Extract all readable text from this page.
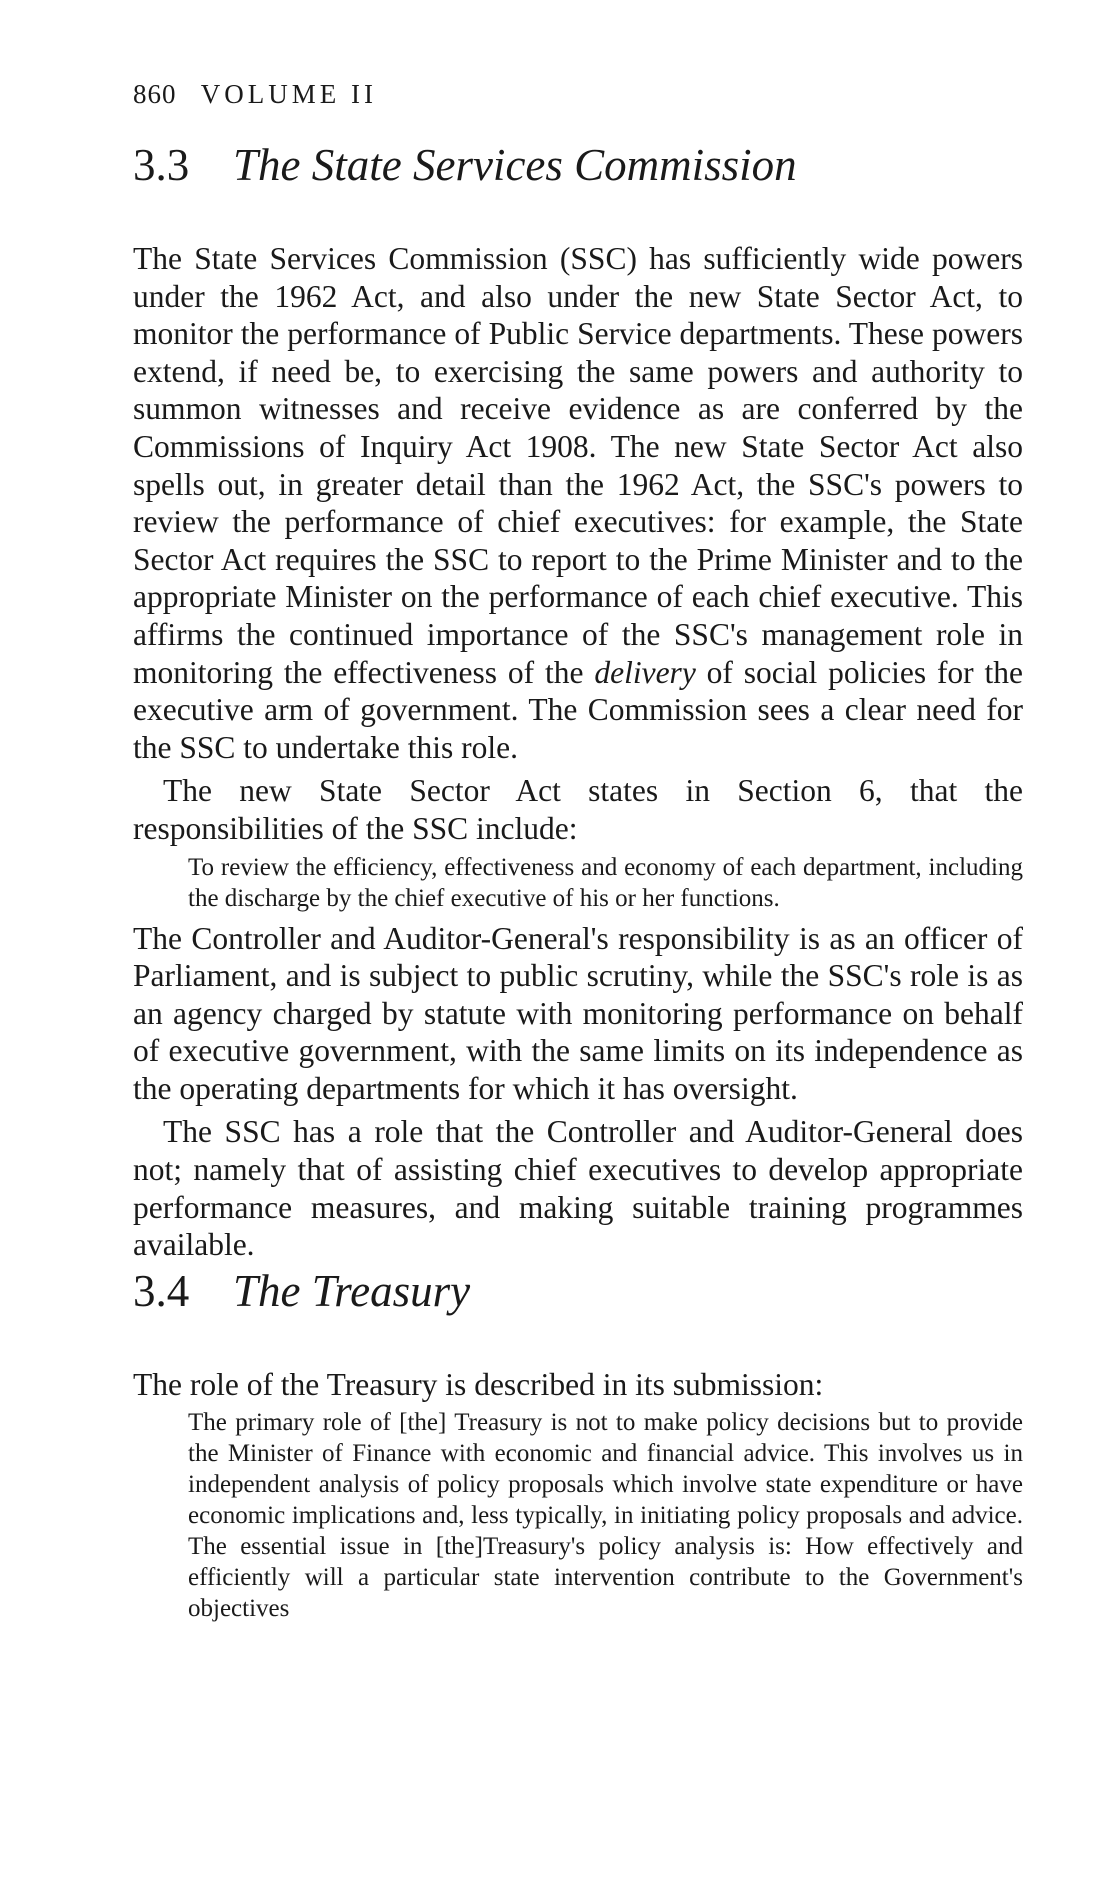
860 VOLUME II
3.3 The State Services Commission

The State Services Commission (SSC) has sufficiently wide powers under the 1962 Act, and also under the new State Sector Act, to monitor the performance of Public Service departments. These powers extend, if need be, to exercising the same powers and authority to summon witnesses and receive evidence as are conferred by the Commissions of Inquiry Act 1908. The new State Sector Act also spells out, in greater detail than the 1962 Act, the SSC's powers to review the performance of chief executives: for example, the State Sector Act requires the SSC to report to the Prime Minister and to the appropriate Minister on the performance of each chief executive. This affirms the continued importance of the SSC's management role in monitoring the effectiveness of the delivery of social policies for the executive arm of government. The Commission sees a clear need for the SSC to undertake this role.

The new State Sector Act states in Section 6, that the responsibilities of the SSC include:

To review the efficiency, effectiveness and economy of each department, including the discharge by the chief executive of his or her functions.

The Controller and Auditor-General's responsibility is as an officer of Parliament, and is subject to public scrutiny, while the SSC's role is as an agency charged by statute with monitoring performance on behalf of executive government, with the same limits on its independence as the operating departments for which it has oversight.

The SSC has a role that the Controller and Auditor-General does not; namely that of assisting chief executives to develop appropriate performance measures, and making suitable training programmes available.

3.4 The Treasury

The role of the Treasury is described in its submission:

The primary role of [the] Treasury is not to make policy decisions but to provide the Minister of Finance with economic and financial advice. This involves us in independent analysis of policy proposals which involve state expenditure or have economic implications and, less typically, in initiating policy proposals and advice. The essential issue in [the]Treasury's policy analysis is: How effectively and efficiently will a particular state intervention contribute to the Government's objectives
